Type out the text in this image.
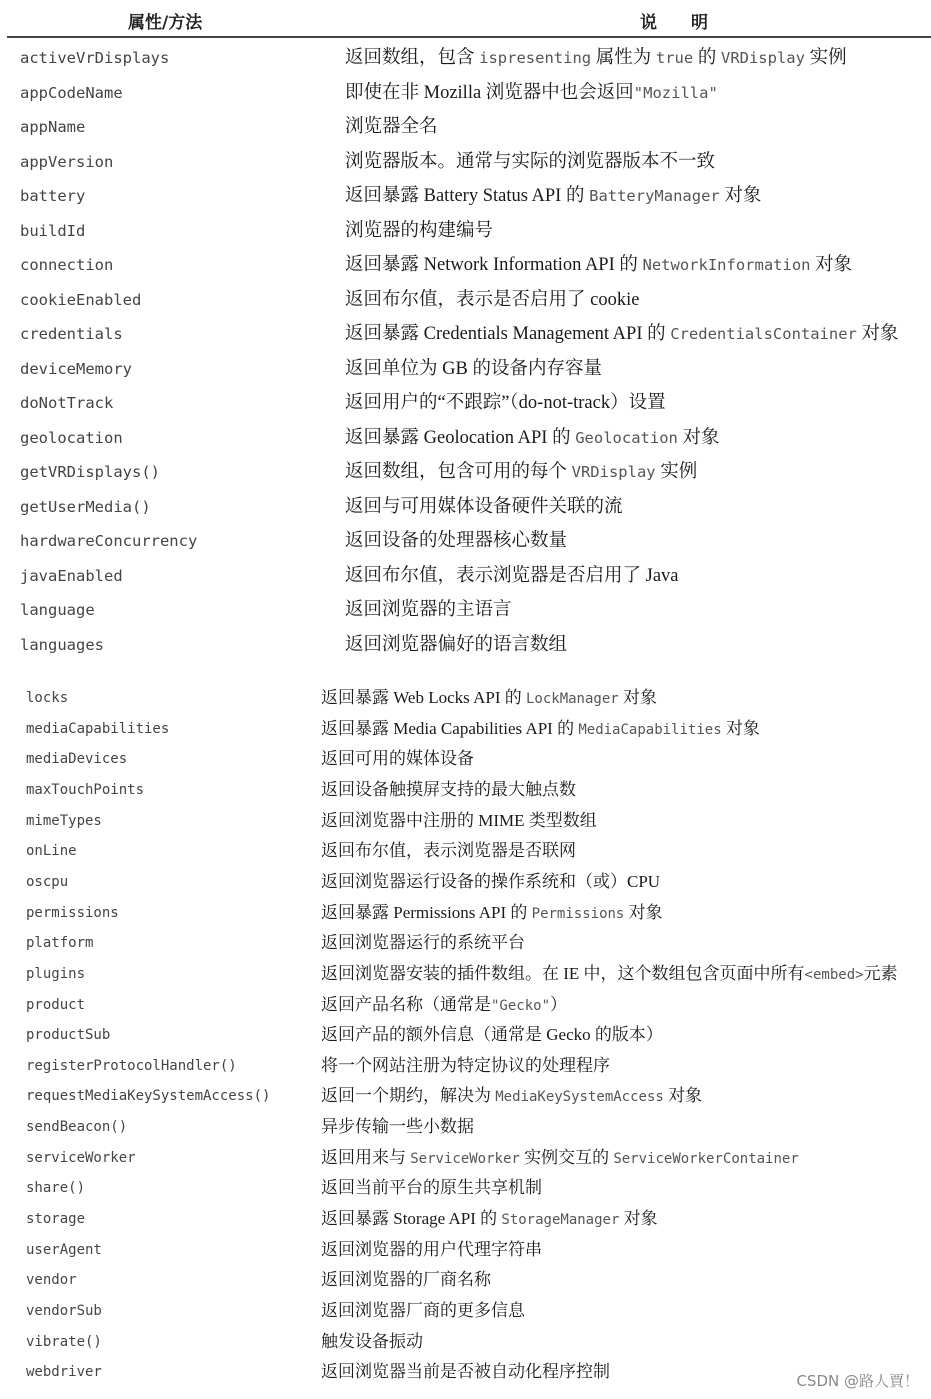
属性/方法	说　　明
activeVrDisplays	返回数组，包含 ispresenting 属性为 true 的 VRDisplay 实例
appCodeName	即使在非 Mozilla 浏览器中也会返回"Mozilla"
appName	浏览器全名
appVersion	浏览器版本。通常与实际的浏览器版本不一致
battery	返回暴露 Battery Status API 的 BatteryManager 对象
buildId	浏览器的构建编号
connection	返回暴露 Network Information API 的 NetworkInformation 对象
cookieEnabled	返回布尔值，表示是否启用了 cookie
credentials	返回暴露 Credentials Management API 的 CredentialsContainer 对象
deviceMemory	返回单位为 GB 的设备内存容量
doNotTrack	返回用户的“不跟踪”（do-not-track）设置
geolocation	返回暴露 Geolocation API 的 Geolocation 对象
getVRDisplays()	返回数组，包含可用的每个 VRDisplay 实例
getUserMedia()	返回与可用媒体设备硬件关联的流
hardwareConcurrency	返回设备的处理器核心数量
javaEnabled	返回布尔值，表示浏览器是否启用了 Java
language	返回浏览器的主语言
languages	返回浏览器偏好的语言数组
locks	返回暴露 Web Locks API 的 LockManager 对象
mediaCapabilities	返回暴露 Media Capabilities API 的 MediaCapabilities 对象
mediaDevices	返回可用的媒体设备
maxTouchPoints	返回设备触摸屏支持的最大触点数
mimeTypes	返回浏览器中注册的 MIME 类型数组
onLine	返回布尔值，表示浏览器是否联网
oscpu	返回浏览器运行设备的操作系统和（或）CPU
permissions	返回暴露 Permissions API 的 Permissions 对象
platform	返回浏览器运行的系统平台
plugins	返回浏览器安装的插件数组。在 IE 中，这个数组包含页面中所有<embed>元素
product	返回产品名称（通常是"Gecko"）
productSub	返回产品的额外信息（通常是 Gecko 的版本）
registerProtocolHandler()	将一个网站注册为特定协议的处理程序
requestMediaKeySystemAccess()	返回一个期约，解决为 MediaKeySystemAccess 对象
sendBeacon()	异步传输一些小数据
serviceWorker	返回用来与 ServiceWorker 实例交互的 ServiceWorkerContainer
share()	返回当前平台的原生共享机制
storage	返回暴露 Storage API 的 StorageManager 对象
userAgent	返回浏览器的用户代理字符串
vendor	返回浏览器的厂商名称
vendorSub	返回浏览器厂商的更多信息
vibrate()	触发设备振动
webdriver	返回浏览器当前是否被自动化程序控制	CSDN @路人賈！
